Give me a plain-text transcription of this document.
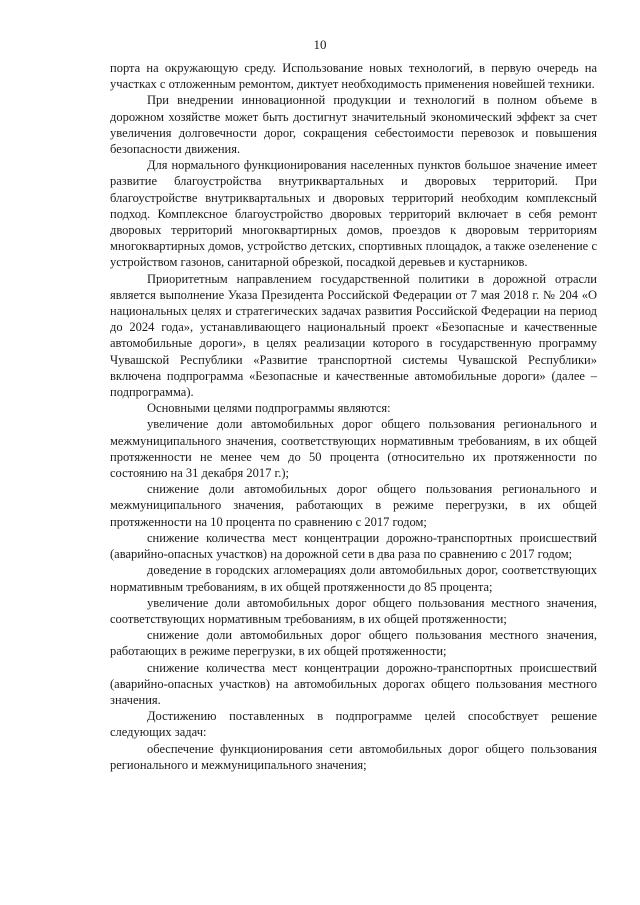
10

порта на окружающую среду. Использование новых технологий, в первую очередь на участках с отложенным ремонтом, диктует необходимость применения новейшей техники.

При внедрении инновационной продукции и технологий в полном объеме в дорожном хозяйстве может быть достигнут значительный экономический эффект за счет увеличения долговечности дорог, сокращения себестоимости перевозок и повышения безопасности движения.

Для нормального функционирования населенных пунктов большое значение имеет развитие благоустройства внутриквартальных и дворовых территорий. При благоустройстве внутриквартальных и дворовых территорий необходим комплексный подход. Комплексное благоустройство дворовых территорий включает в себя ремонт дворовых территорий многоквартирных домов, проездов к дворовым территориям многоквартирных домов, устройство детских, спортивных площадок, а также озеленение с устройством газонов, санитарной обрезкой, посадкой деревьев и кустарников.

Приоритетным направлением государственной политики в дорожной отрасли является выполнение Указа Президента Российской Федерации от 7 мая 2018 г. № 204 «О национальных целях и стратегических задачах развития Российской Федерации на период до 2024 года», устанавливающего национальный проект «Безопасные и качественные автомобильные дороги», в целях реализации которого в государственную программу Чувашской Республики «Развитие транспортной системы Чувашской Республики» включена подпрограмма «Безопасные и качественные автомобильные дороги» (далее – подпрограмма).

Основными целями подпрограммы являются:

увеличение доли автомобильных дорог общего пользования регионального и межмуниципального значения, соответствующих нормативным требованиям, в их общей протяженности не менее чем до 50 процента (относительно их протяженности по состоянию на 31 декабря 2017 г.);

снижение доли автомобильных дорог общего пользования регионального и межмуниципального значения, работающих в режиме перегрузки, в их общей протяженности на 10 процента по сравнению с 2017 годом;

снижение количества мест концентрации дорожно-транспортных происшествий (аварийно-опасных участков) на дорожной сети в два раза по сравнению с 2017 годом;

доведение в городских агломерациях доли автомобильных дорог, соответствующих нормативным требованиям, в их общей протяженности до 85 процента;

увеличение доли автомобильных дорог общего пользования местного значения, соответствующих нормативным требованиям, в их общей протяженности;

снижение доли автомобильных дорог общего пользования местного значения, работающих в режиме перегрузки, в их общей протяженности;

снижение количества мест концентрации дорожно-транспортных происшествий (аварийно-опасных участков) на автомобильных дорогах общего пользования местного значения.

Достижению поставленных в подпрограмме целей способствует решение следующих задач:

обеспечение функционирования сети автомобильных дорог общего пользования регионального и межмуниципального значения;
